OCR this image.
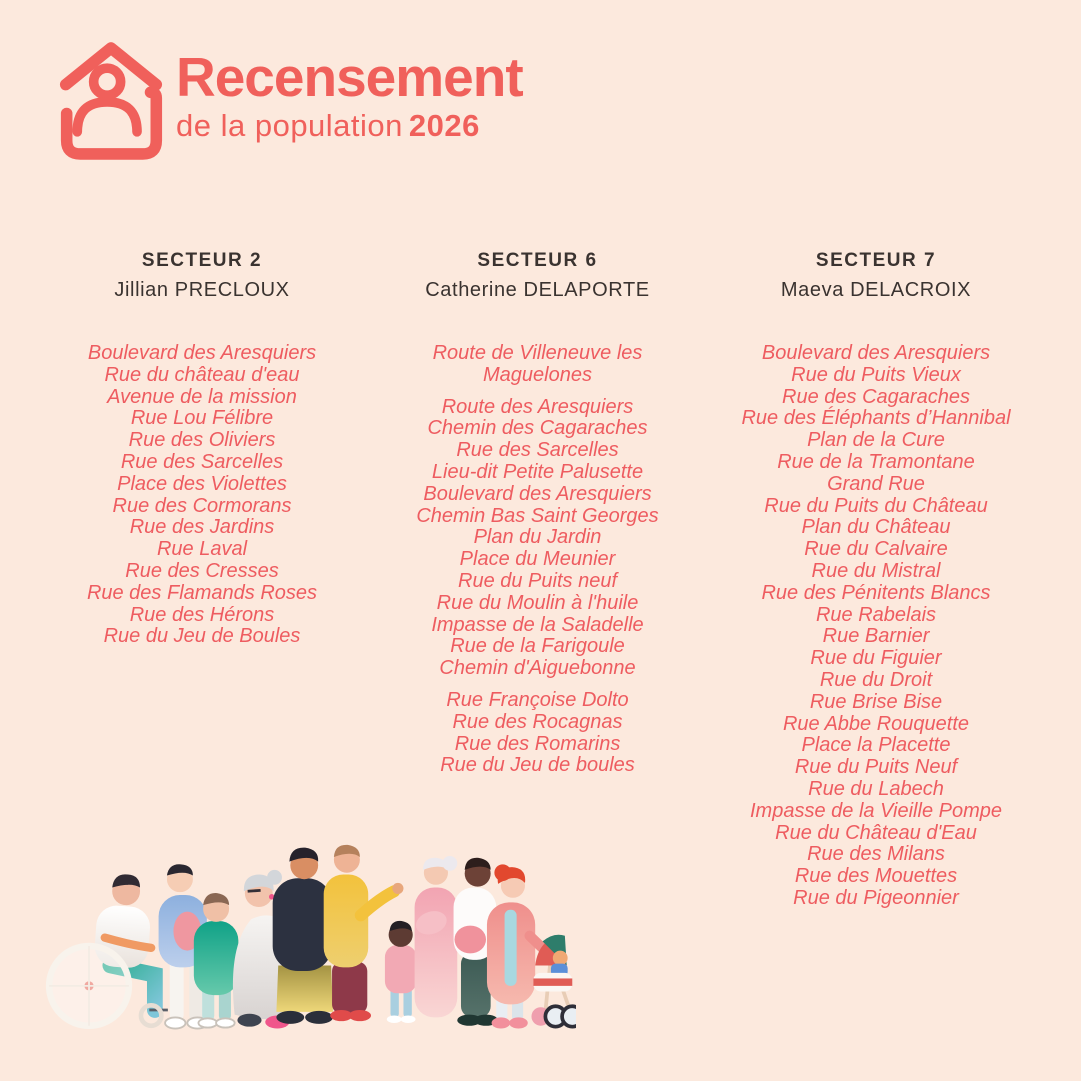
Recensement
de la population 2026
SECTEUR 2
Jillian PRECLOUX
Boulevard des Aresquiers
Rue du château d'eau
Avenue de la mission
Rue Lou Félibre
Rue des Oliviers
Rue des Sarcelles
Place des Violettes
Rue des Cormorans
Rue des Jardins
Rue Laval
Rue des Cresses
Rue des Flamands Roses
Rue des Hérons
Rue du Jeu de Boules
SECTEUR 6
Catherine DELAPORTE
Route de Villeneuve les Maguelones
Route des Aresquiers
Chemin des Cagaraches
Rue des Sarcelles
Lieu-dit Petite Palusette
Boulevard des Aresquiers
Chemin Bas Saint Georges
Plan du Jardin
Place du Meunier
Rue du Puits neuf
Rue du Moulin à l'huile
Impasse de la Saladelle
Rue de la Farigoule
Chemin d'Aiguebonne
Rue Françoise Dolto
Rue des Rocagnas
Rue des Romarins
Rue du Jeu de boules
SECTEUR 7
Maeva DELACROIX
Boulevard des Aresquiers
Rue du Puits Vieux
Rue des Cagaraches
Rue des Éléphants d’Hannibal
Plan de la Cure
Rue de la Tramontane
Grand Rue
Rue du Puits du Château
Plan du Château
Rue du Calvaire
Rue du Mistral
Rue des Pénitents Blancs
Rue Rabelais
Rue Barnier
Rue du Figuier
Rue du Droit
Rue Brise Bise
Rue Abbe Rouquette
Place la Placette
Rue du Puits Neuf
Rue du Labech
Impasse de la Vieille Pompe
Rue du Château d'Eau
Rue des Milans
Rue des Mouettes
Rue du Pigeonnier
